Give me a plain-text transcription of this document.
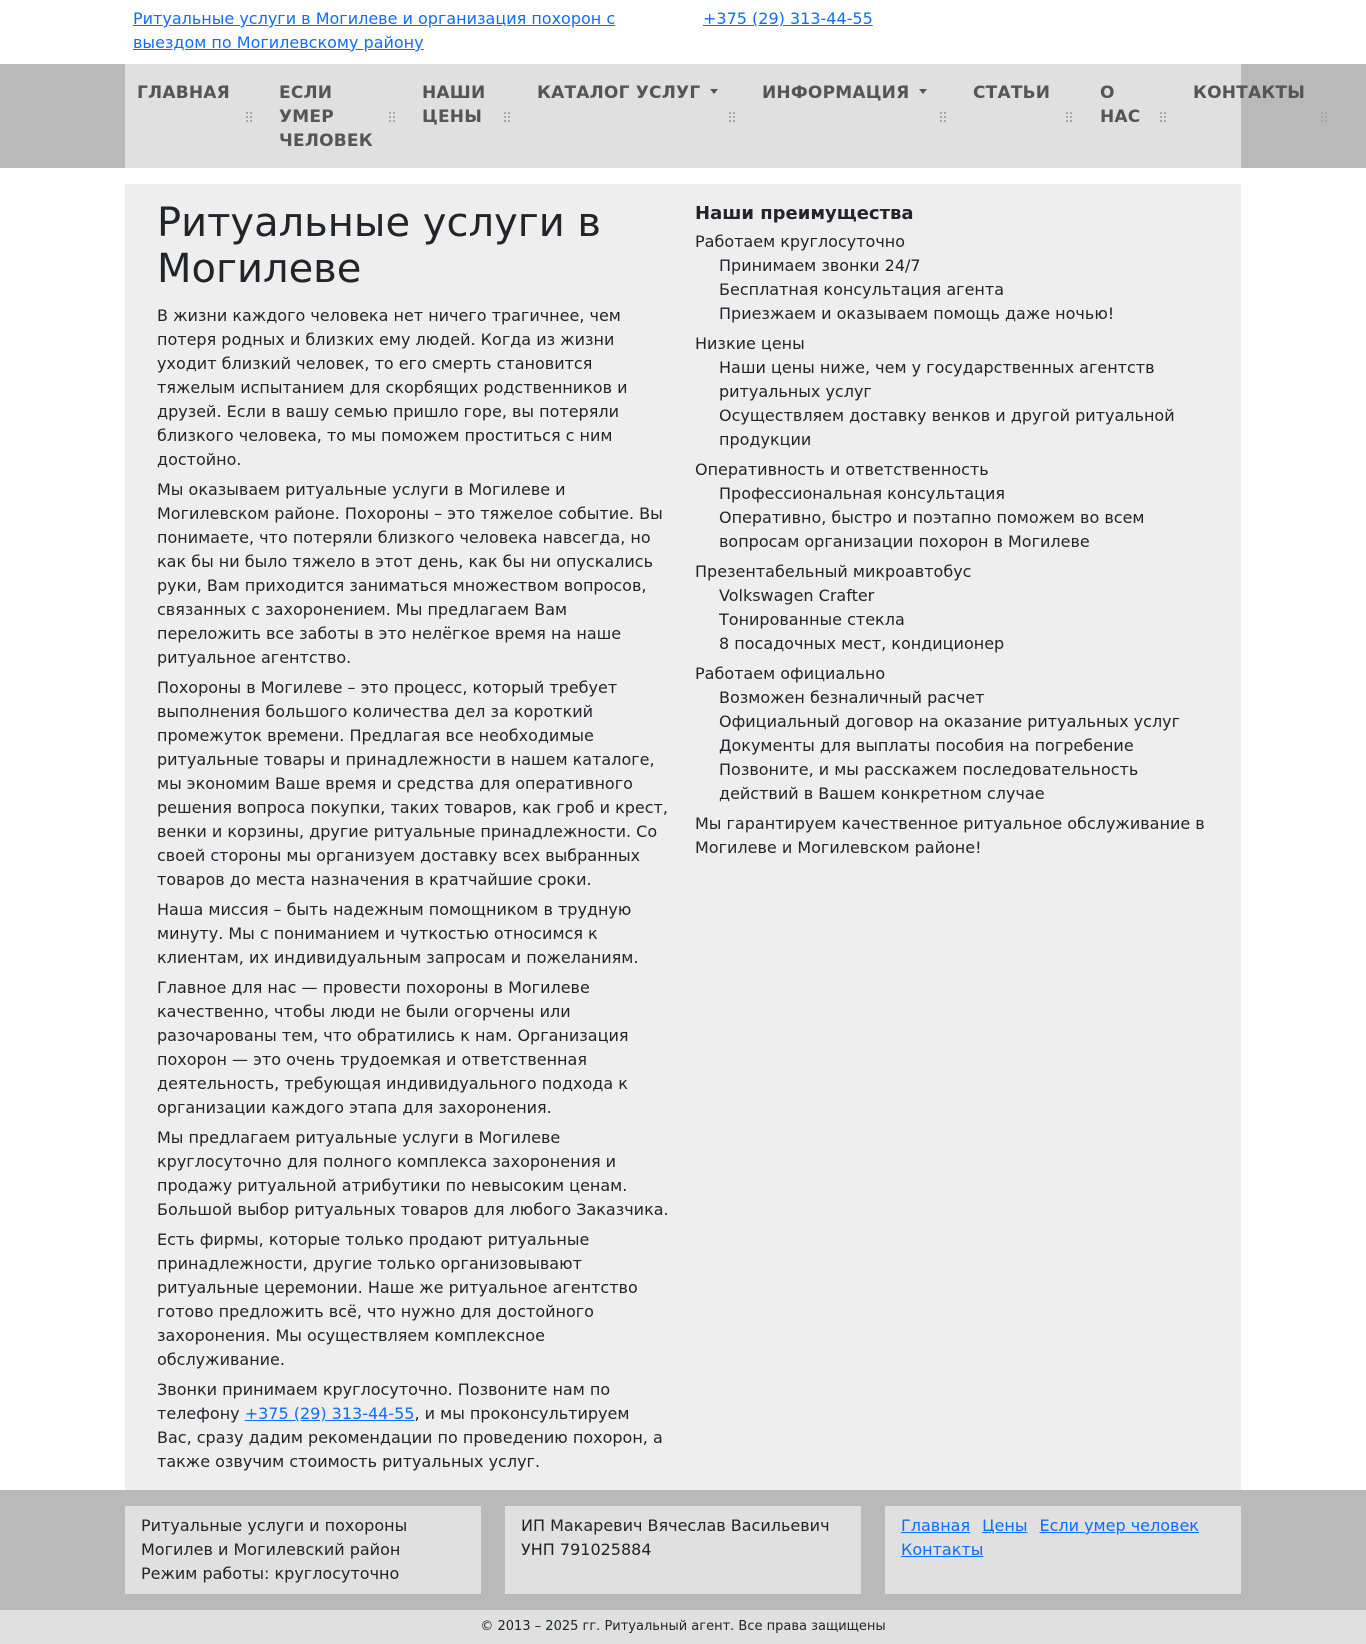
Ритуальные услуги в Могилеве и организация похорон с выездом по Могилевскому району
+375 (29) 313-44-55
ГЛАВНАЯ	ЕСЛИ УМЕР ЧЕЛОВЕК
НАШИ ЦЕНЫ
КАТАЛОГ УСЛУГ	ИНФОРМАЦИЯ	СТАТЬИ	О НАС
КОНТАКТЫ
Ритуальные услуги в Могилеве

В жизни каждого человека нет ничего трагичнее, чем потеря родных и близких ему людей. Когда из жизни уходит близкий человек, то его смерть становится тяжелым испытанием для скорбящих родственников и друзей. Если в вашу семью пришло горе, вы потеряли близкого человека, то мы поможем проститься с ним достойно.

Мы оказываем ритуальные услуги в Могилеве и Могилевском районе. Похороны – это тяжелое событие. Вы понимаете, что потеряли близкого человека навсегда, но как бы ни было тяжело в этот день, как бы ни опускались руки, Вам приходится заниматься множеством вопросов, связанных с захоронением. Мы предлагаем Вам переложить все заботы в это нелёгкое время на наше ритуальное агентство.

Похороны в Могилеве – это процесс, который требует выполнения большого количества дел за короткий промежуток времени. Предлагая все необходимые ритуальные товары и принадлежности в нашем каталоге, мы экономим Ваше время и средства для оперативного решения вопроса покупки, таких товаров, как гроб и крест, венки и корзины, другие ритуальные принадлежности. Со своей стороны мы организуем доставку всех выбранных товаров до места назначения в кратчайшие сроки.

Наша миссия – быть надежным помощником в трудную минуту. Мы с пониманием и чуткостью относимся к клиентам, их индивидуальным запросам и пожеланиям.

Главное для нас — провести похороны в Могилеве качественно, чтобы люди не были огорчены или разочарованы тем, что обратились к нам. Организация похорон — это очень трудоемкая и ответственная деятельность, требующая индивидуального подхода к организации каждого этапа для захоронения.

Мы предлагаем ритуальные услуги в Могилеве круглосуточно для полного комплекса захоронения и продажу ритуальной атрибутики по невысоким ценам. Большой выбор ритуальных товаров для любого Заказчика.

Есть фирмы, которые только продают ритуальные принадлежности, другие только организовывают ритуальные церемонии. Наше же ритуальное агентство готово предложить всё, что нужно для достойного захоронения. Мы осуществляем комплексное обслуживание.

Звонки принимаем круглосуточно. Позвоните нам по телефону +375 (29) 313-44-55, и мы проконсультируем Вас, сразу дадим рекомендации по проведению похорон, а также озвучим стоимость ритуальных услуг.

Наши преимущества
Работаем круглосуточно
Принимаем звонки 24/7
Бесплатная консультация агента
Приезжаем и оказываем помощь даже ночью!
Низкие цены
Наши цены ниже, чем у государственных агентств ритуальных услуг
Осуществляем доставку венков и другой ритуальной продукции
Оперативность и ответственность
Профессиональная консультация
Оперативно, быстро и поэтапно поможем во всем вопросам организации похорон в Могилеве
Презентабельный микроавтобус
Volkswagen Crafter
Тонированные стекла
8 посадочных мест, кондиционер
Работаем официально
Возможен безналичный расчет
Официальный договор на оказание ритуальных услуг
Документы для выплаты пособия на погребение
Позвоните, и мы расскажем последовательность действий в Вашем конкретном случае

Мы гарантируем качественное ритуальное обслуживание в Могилеве и Могилевском районе!

Ритуальные услуги и похороны
Могилев и Могилевский район
Режим работы: круглосуточно
ИП Макаревич Вячеслав Васильевич
УНП 791025884
Главная Цены Если умер человек
Контакты
© 2013 – 2025 гг. Ритуальный агент. Все права защищены
